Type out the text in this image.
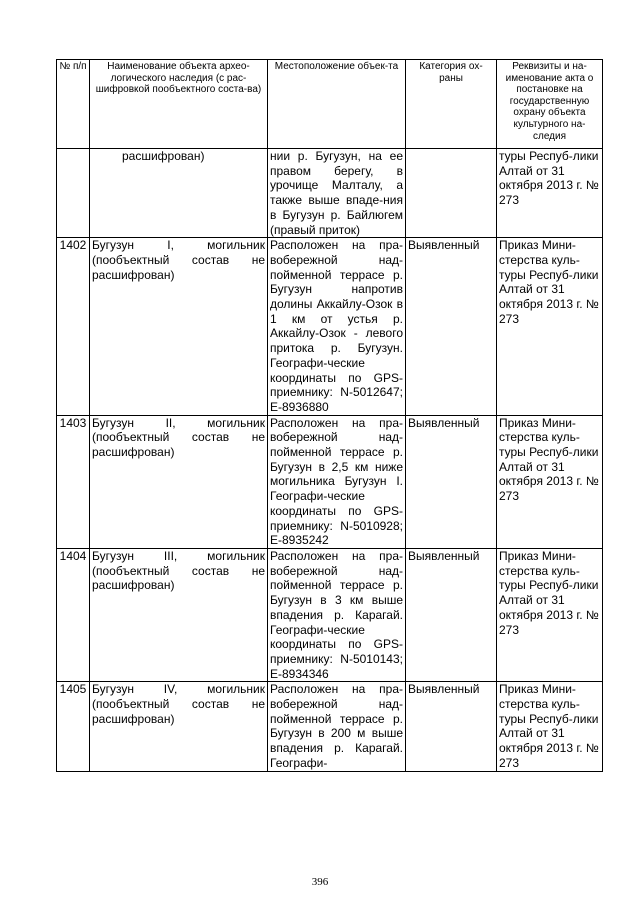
№ п/п	Наименование объекта архео-логического наследия (с рас-шифровкой пообъектного соста-ва)	Местоположение объек-та	Категория ох-раны	Реквизиты и на-именование акта о постановке на государственную охрану объекта культурного на-следия

	расшифрован)	нии р. Бугузун, на ее правом берегу, в урочище Малталу, а также выше впаде-ния в Бугузун р. Байлюгем (правый приток)		туры Респуб-лики Алтай от 31 октября 2013 г. № 273
1402	Бугузун I, могильник (пообъектный состав не расшифрован)	Расположен на пра-вобережной над-пойменной террасе р. Бугузун напротив долины Аккайлу-Озок в 1 км от устья р. Аккайлу-Озок - левого притока р. Бугузун. Географи-ческие координаты по GPS-приемнику: N-5012647; E-8936880	Выявленный	Приказ Мини-стерства куль-туры Респуб-лики Алтай от 31 октября 2013 г. № 273
1403	Бугузун II, могильник (пообъектный состав не расшифрован)	Расположен на пра-вобережной над-пойменной террасе р. Бугузун в 2,5 км ниже могильника Бугузун I. Географи-ческие координаты по GPS-приемнику: N-5010928; E-8935242	Выявленный	Приказ Мини-стерства куль-туры Респуб-лики Алтай от 31 октября 2013 г. № 273
1404	Бугузун III, могильник (пообъектный состав не расшифрован)	Расположен на пра-вобережной над-пойменной террасе р. Бугузун в 3 км выше впадения р. Карагай. Географи-ческие координаты по GPS-приемнику: N-5010143; E-8934346	Выявленный	Приказ Мини-стерства куль-туры Респуб-лики Алтай от 31 октября 2013 г. № 273
1405	Бугузун IV, могильник (пообъектный состав не расшифрован)	Расположен на пра-вобережной над-пойменной террасе р. Бугузун в 200 м выше впадения р. Карагай. Географи-	Выявленный	Приказ Мини-стерства куль-туры Респуб-лики Алтай от 31 октября 2013 г. № 273
396
